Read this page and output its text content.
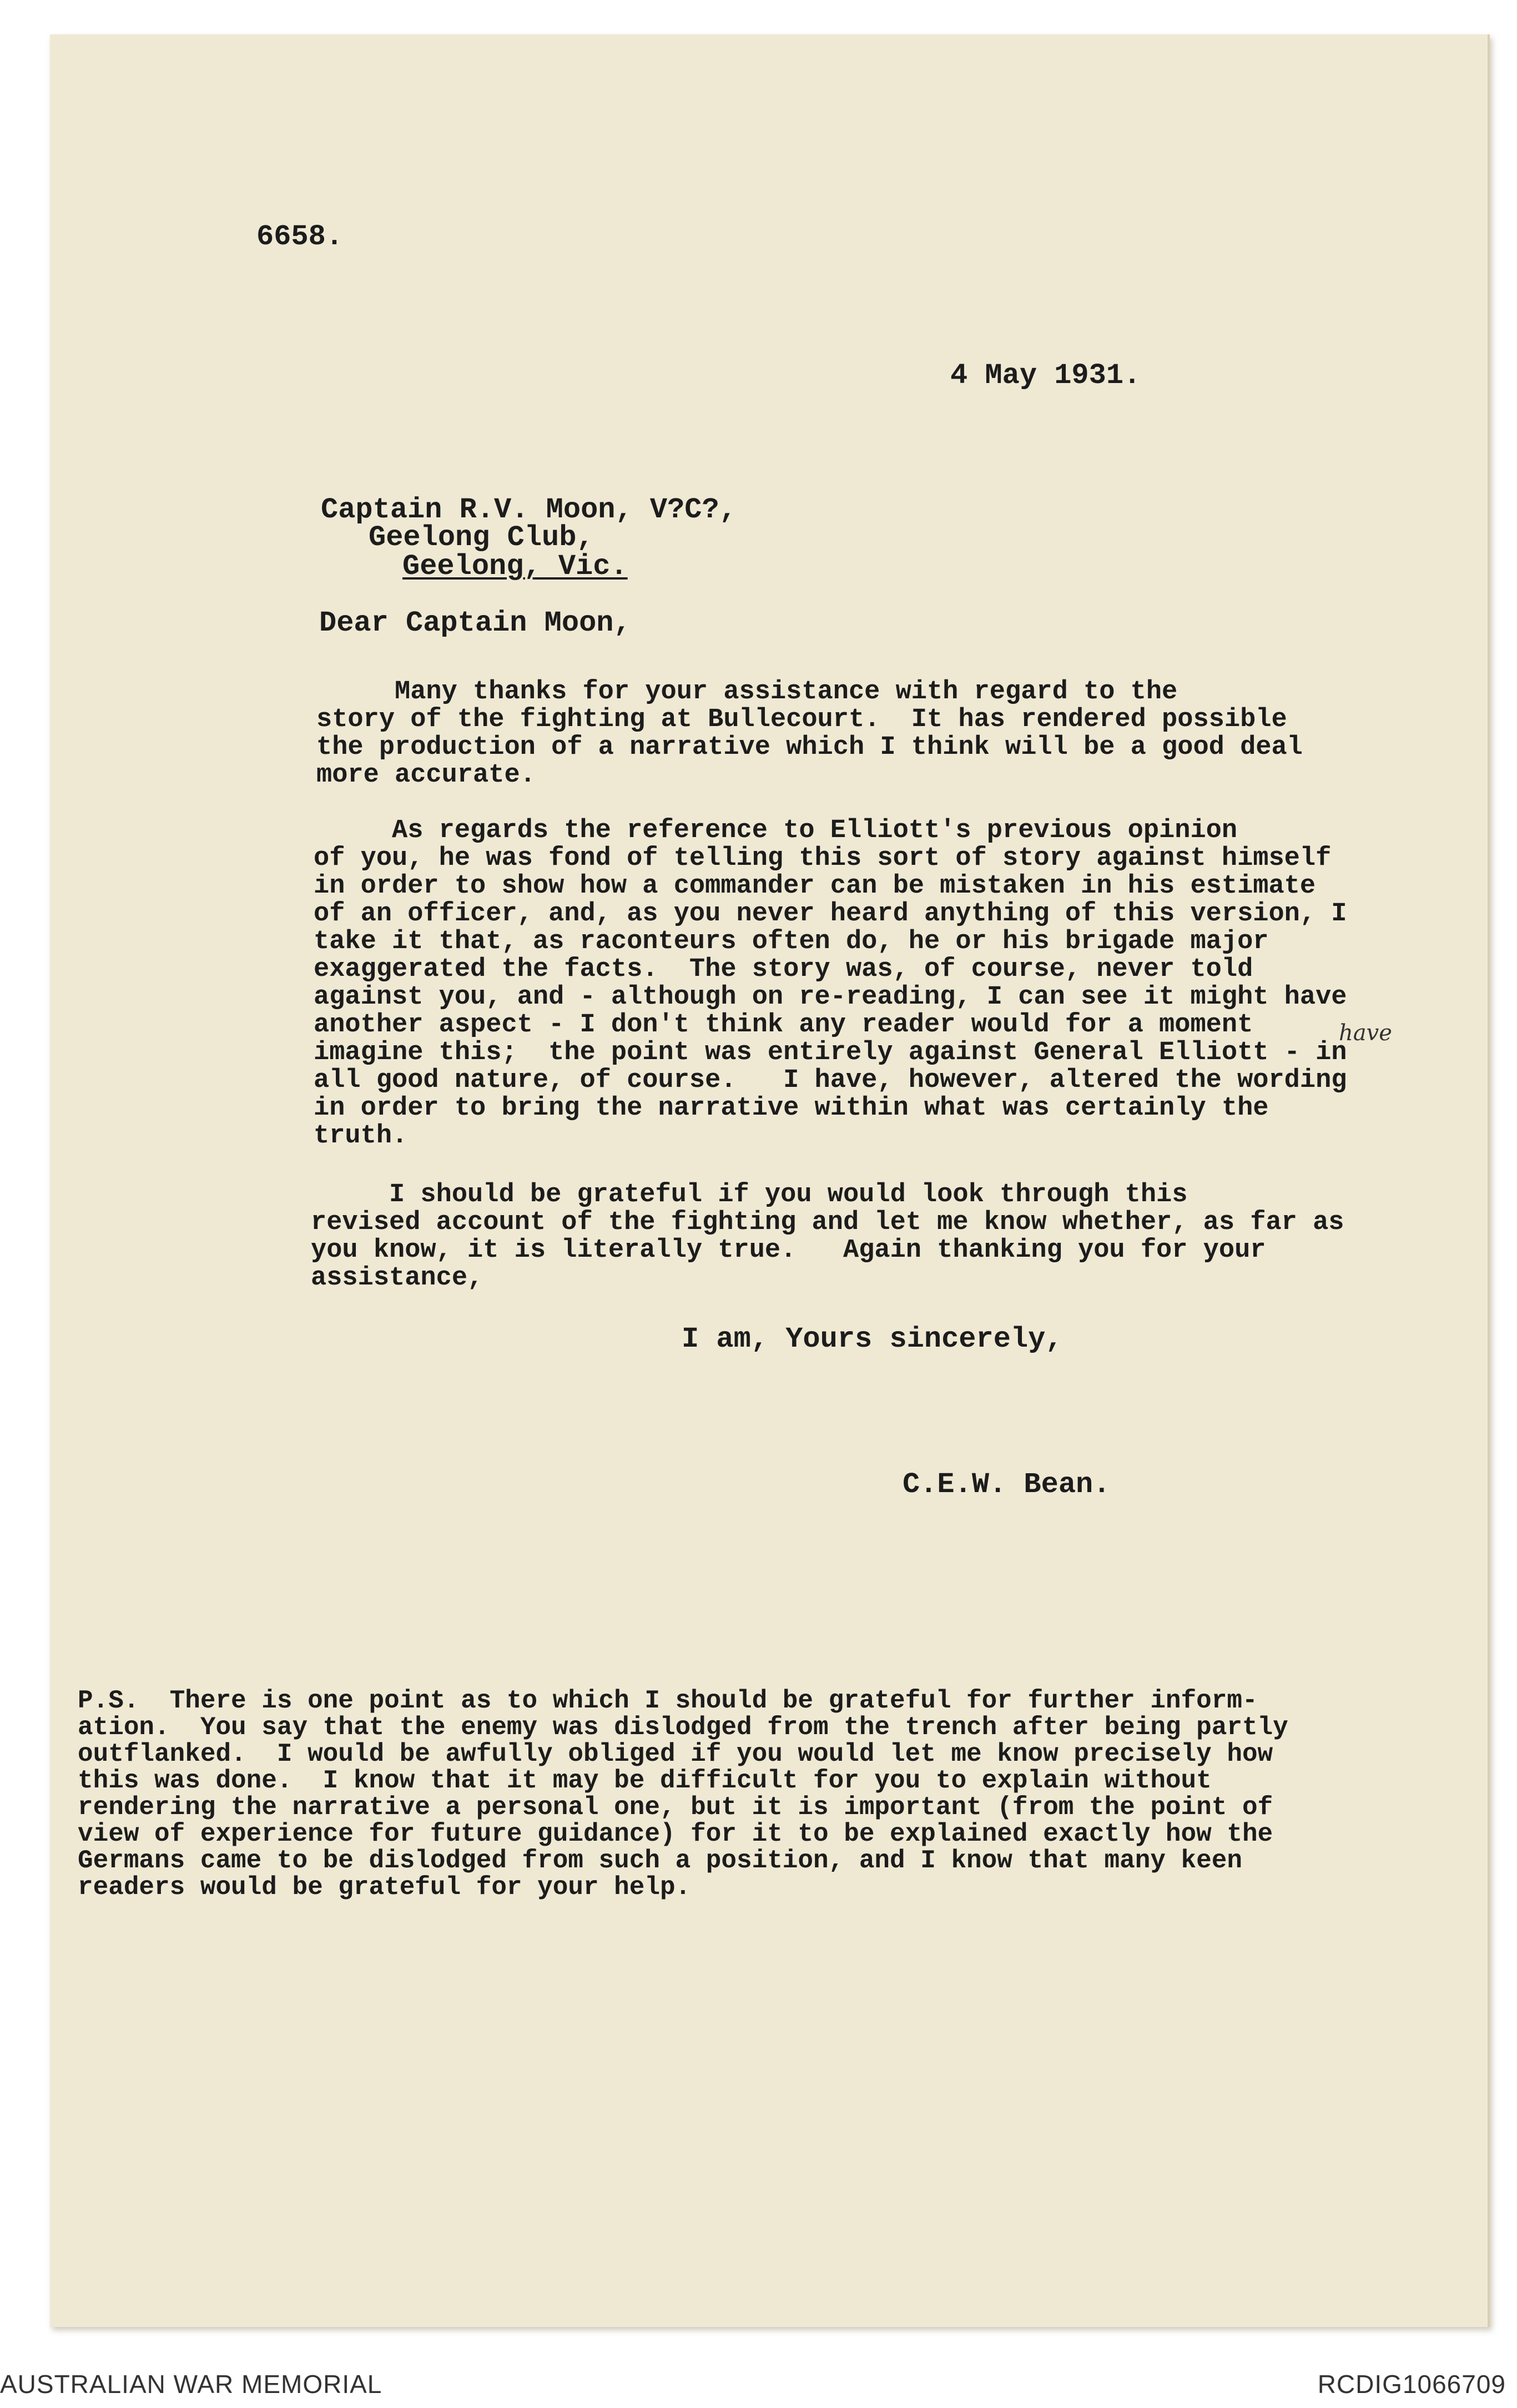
6658.
4 May 1931.
Captain R.V. Moon, V?C?,
Geelong Club,
Geelong, Vic.
Dear Captain Moon,
Many thanks for your assistance with regard to the
story of the fighting at Bullecourt.  It has rendered possible
the production of a narrative which I think will be a good deal
more accurate.
As regards the reference to Elliott's previous opinion
of you, he was fond of telling this sort of story against himself
in order to show how a commander can be mistaken in his estimate
of an officer, and, as you never heard anything of this version, I
take it that, as raconteurs often do, he or his brigade major
exaggerated the facts.  The story was, of course, never told
against you, and - although on re-reading, I can see it might have
another aspect - I don't think any reader would for a moment
imagine this;  the point was entirely against General Elliott - in
all good nature, of course.   I have, however, altered the wording
in order to bring the narrative within what was certainly the
truth.
have
I should be grateful if you would look through this
revised account of the fighting and let me know whether, as far as
you know, it is literally true.   Again thanking you for your
assistance,
I am, Yours sincerely,
C.E.W. Bean.
P.S.  There is one point as to which I should be grateful for further inform-
ation.  You say that the enemy was dislodged from the trench after being partly
outflanked.  I would be awfully obliged if you would let me know precisely how
this was done.  I know that it may be difficult for you to explain without
rendering the narrative a personal one, but it is important (from the point of
view of experience for future guidance) for it to be explained exactly how the
Germans came to be dislodged from such a position, and I know that many keen
readers would be grateful for your help.
AUSTRALIAN WAR MEMORIAL	RCDIG1066709
